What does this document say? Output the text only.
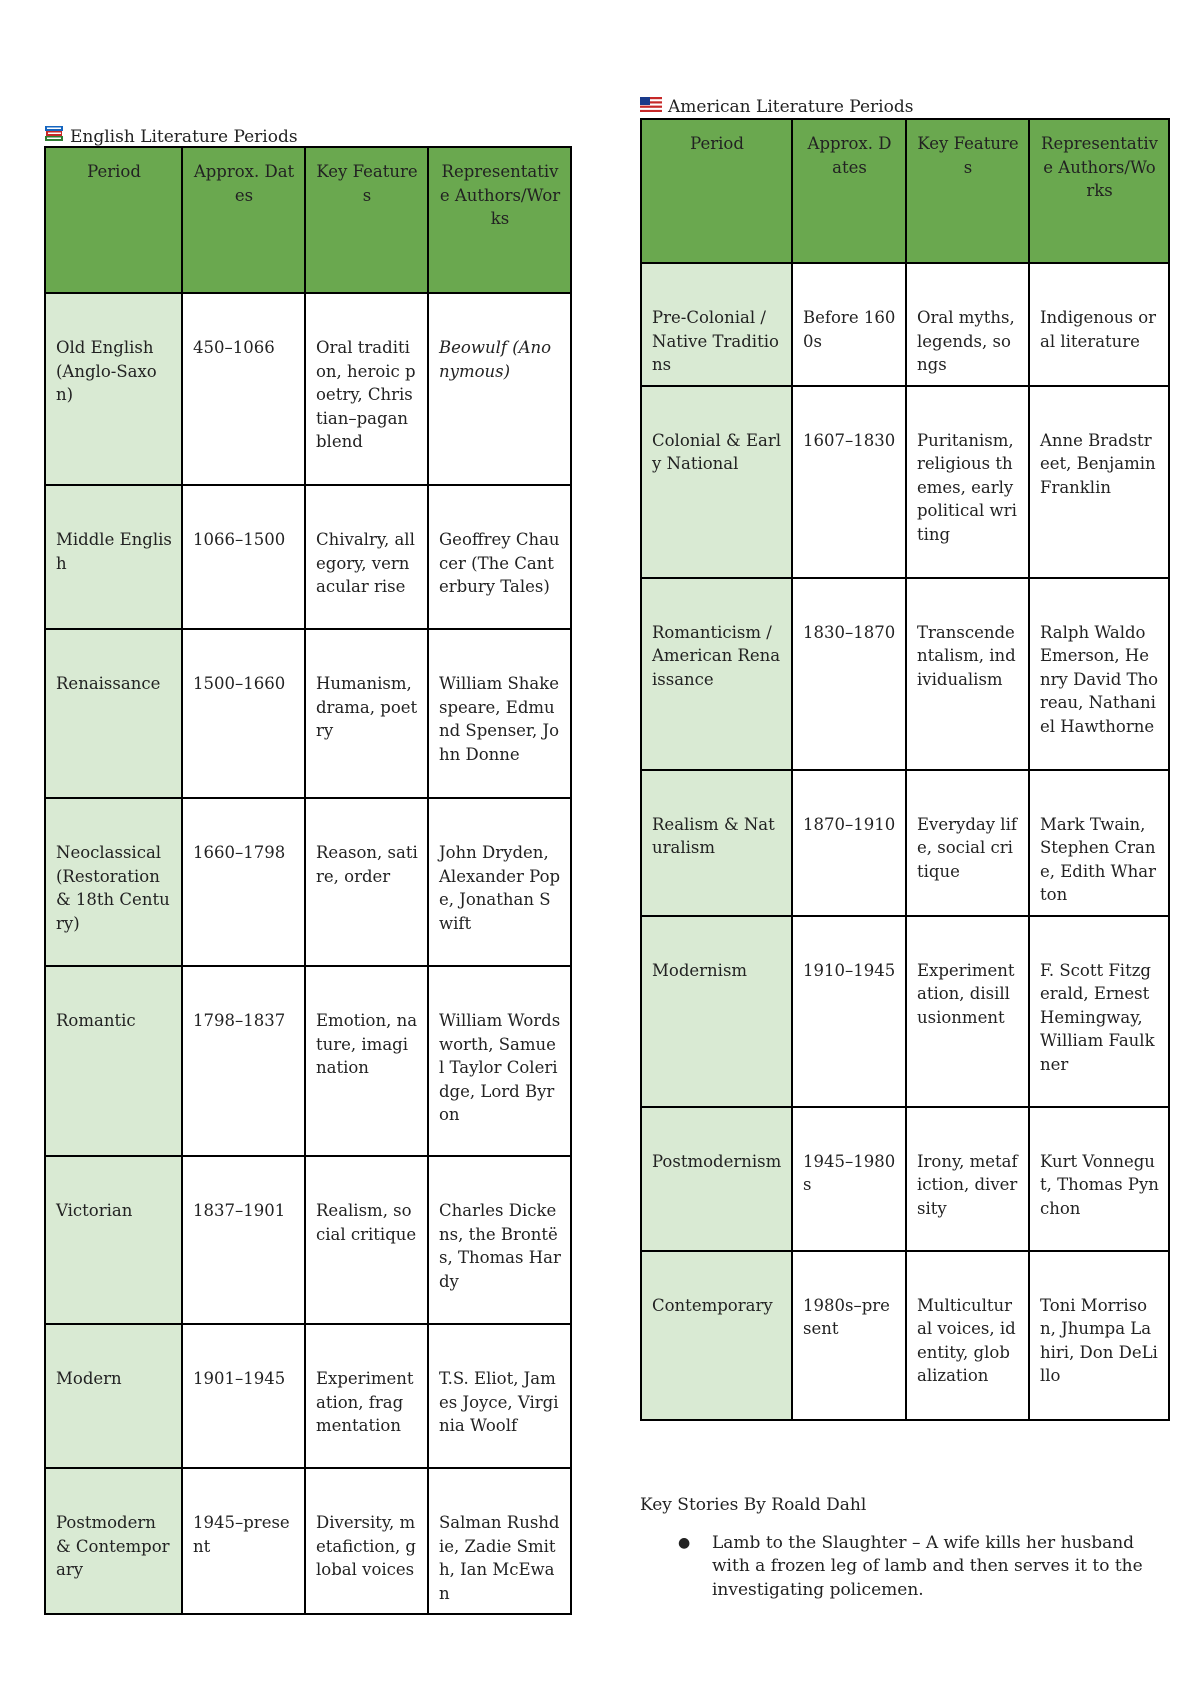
English Literature Periods
Period	Approx. Dates	Key Features	Representative Authors/Works
Old English (Anglo-Saxon)	450–1066	Oral tradition, heroic poetry, Christian–pagan blend	Beowulf (Anonymous)
Middle English	1066–1500	Chivalry, allegory, vernacular rise	Geoffrey Chaucer (The Canterbury Tales)
Renaissance	1500–1660	Humanism, drama, poetry	William Shakespeare, Edmund Spenser, John Donne
Neoclassical (Restoration & 18th Century)	1660–1798	Reason, satire, order	John Dryden, Alexander Pope, Jonathan Swift
Romantic	1798–1837	Emotion, nature, imagination	William Wordsworth, Samuel Taylor Coleridge, Lord Byron
Victorian	1837–1901	Realism, social critique	Charles Dickens, the Brontës, Thomas Hardy
Modern	1901–1945	Experimentation, fragmentation	T.S. Eliot, James Joyce, Virginia Woolf
Postmodern & Contemporary	1945–present	Diversity, metafiction, global voices	Salman Rushdie, Zadie Smith, Ian McEwan
American Literature Periods
Period	Approx. Dates	Key Features	Representative Authors/Works
Pre-Colonial / Native Traditions	Before 1600s	Oral myths, legends, songs	Indigenous oral literature
Colonial & Early National	1607–1830	Puritanism, religious themes, early political writing	Anne Bradstreet, Benjamin Franklin
Romanticism / American Renaissance	1830–1870	Transcendentalism, individualism	Ralph Waldo Emerson, Henry David Thoreau, Nathaniel Hawthorne
Realism & Naturalism	1870–1910	Everyday life, social critique	Mark Twain, Stephen Crane, Edith Wharton
Modernism	1910–1945	Experimentation, disillusionment	F. Scott Fitzgerald, Ernest Hemingway, William Faulkner
Postmodernism	1945–1980s	Irony, metafiction, diversity	Kurt Vonnegut, Thomas Pynchon
Contemporary	1980s–present	Multicultural voices, identity, globalization	Toni Morrison, Jhumpa Lahiri, Don DeLillo
Key Stories By Roald Dahl
● Lamb to the Slaughter – A wife kills her husband with a frozen leg of lamb and then serves it to the investigating policemen.
